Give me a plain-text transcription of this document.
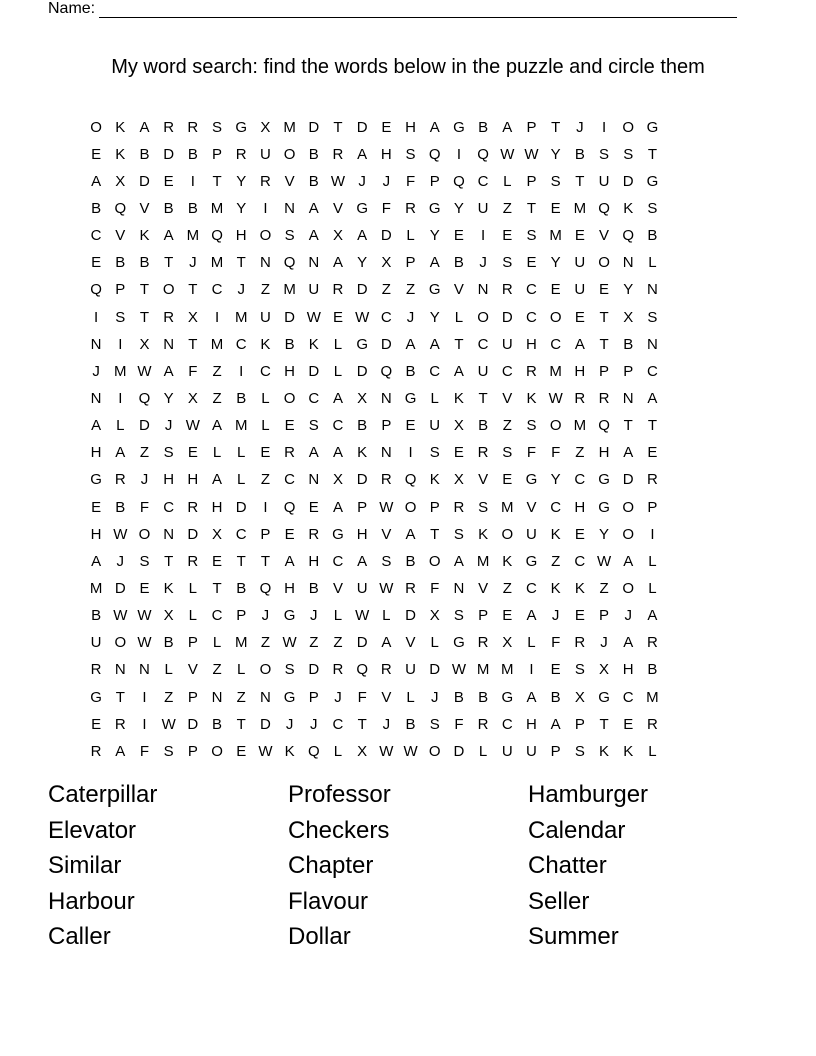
Name:
My word search: find the words below in the puzzle and circle them
O K A R R S G X M D T D E H A G B A P T	J	I	O G
E K B D B P R U O B R A H S Q	I	Q W W Y B S S T
A X D E	I	T Y R V B W J	J	F P Q C L	P S T U D G
B Q V B B M Y	I	N A V G F R G Y U Z	T E M Q K S
C V K A M Q H O S A X A D L	Y E	I	E S M E V Q B
E B B T	J M T N Q N A Y X P A B	J	S E Y U O N L
Q P T O T C	J	Z M U R D Z	Z G V N R C E U E Y N
I	S T R X	I	M U D W E W C	J	Y	L O D C O E T X S
N	I	X N T M C K B K	L G D A A T C U H C A T B N
J M W A F	Z	I	C H D L D Q B C A U C R M H P P C
N	I	Q Y X Z B	L O C A X N G L	K T V K W R R N A
A	L D	J W A M L	E S C B P E U X B Z S O M Q T	T
H A Z S E	L	L	E R A A K N	I	S E R S F	F	Z H A E
G R	J	H H A	L	Z C N X D R Q K X V E G Y C G D R
E B F C R H D	I	Q E A P W O P R S M V C H G O P
H W O N D X C P E R G H V A T S K O U K E Y O	I
A	J	S T R E T	T A H C A S B O A M K G Z C W A	L
M D E K	L	T B Q H B V U W R F N V Z C K K Z O L
B W W X	L C P	J G J	L W L D X S P E A	J	E P	J	A
U O W B P	L M Z W Z	Z D A V	L G R X	L	F R	J	A R
R N N L	V Z	L O S D R Q R U D W M M	I	E S X H B
G T	I	Z P N Z N G P	J	F V	L	J	B B G A B X G C M
E R	I	W D B T D	J	J	C T	J	B S F R C H A P T E R
R A F S P O E W K Q L	X W W O D L U U P S K K	L
Caterpillar	Professor	Hamburger
Elevator	Checkers	Calendar
Similar	Chapter	Chatter
Harbour	Flavour	Seller
Caller	Dollar	Summer
